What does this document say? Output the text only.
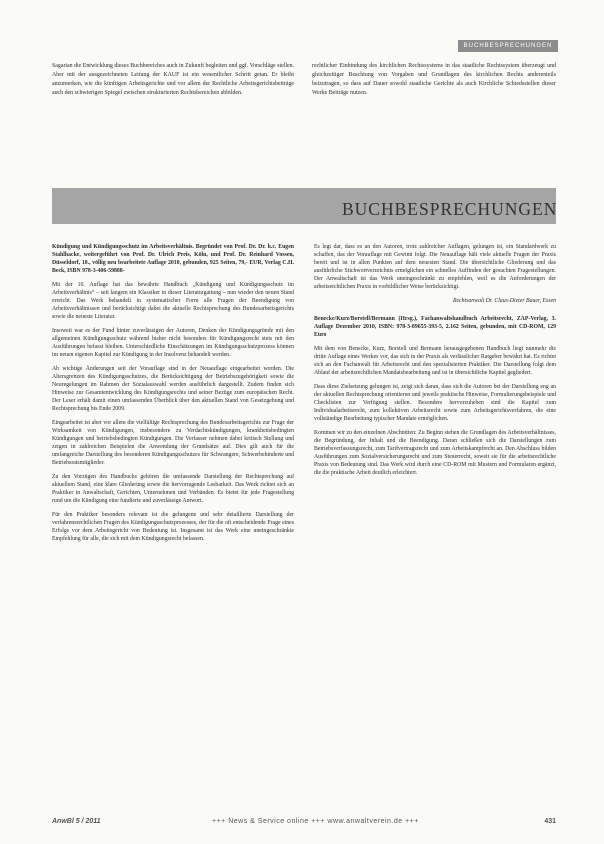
BUCHBESPRECHUNGEN
Sagarian die Entwicklung dieses Buchbereiches auch in Zukunft begleiten und ggf. Vorschläge stellen. Aber mit der ausgezeichneten Leitung der KAUF ist ein wesentlicher Schritt getan. Er bleibt anzumerken, wie die künftigen Arbeitsgerichte und vor allem der Rechtliche Arbeitsgerichtsbeiträge auch den schwierigen Spiegel zwischen strukturierten Rechtsbereichen abbilden.
rechtlicher Einbindung des kirchlichen Rechtssystems in das staatliche Rechtssystem überzeugt und gleichzeitiger Beachtung von Vorgaben und Grundlagen des kirchlichen Rechts anderenteils beizutragen, so dass auf Dauer sowohl staatliche Gerichte als auch Kirchliche Schiedsstellen dieser Werke Beiträge nutzen.
BUCHBESPRECHUNGEN

Kündigung und Kündigungsschutz im Arbeitsverhältnis. Begründet von Prof. Dr. Dr. h.c. Eugen Stahlhacke, weitergeführt von Prof. Dr. Ulrich Preis, Köln, und Prof. Dr. Reinhard Vossen, Düsseldorf, 10., völlig neu bearbeitete Auflage 2010, gebunden, 925 Seiten, 79,- EUR, Verlag C.H. Beck, ISBN 978-3-406-59888-

Mit der 10. Auflage hat das bewährte Handbuch „Kündigung und Kündigungsschutz im Arbeitsverhältnis“ – seit langem ein Klassiker in dieser Literaturgattung – nun wieder den neuen Stand erreicht. Das Werk behandelt in systematischer Form alle Fragen der Beendigung von Arbeitsverhältnissen und berücksichtigt dabei die aktuelle Rechtsprechung des Bundesarbeitsgerichts sowie die neueste Literatur.

Insoweit war es der Fund hinter zuverlässigen der Autoren, Denken der Kündigungsgründe mit den allgemeinen Kündigungsschutz während bisher nicht besonders für Kündigungsrecht stets mit den Ausführungen befasst bleiben. Unterschiedliche Einschätzungen im Kündigungsschutzprozess können im neuen eigenen Kapitel zur Kündigung in der Insolvenz behandelt werden.

Ab wichtige Änderungen seit der Vorauflage sind in der Neuauflage eingearbeitet worden. Die Altersgrenzen des Kündigungsschutzes, die Berücksichtigung der Betriebszugehörigkeit sowie die Neuregelungen im Rahmen der Sozialauswahl werden ausführlich dargestellt. Zudem finden sich Hinweise zur Gesamtentwicklung des Kündigungsrechts und seiner Bezüge zum europäischen Recht. Der Leser erhält damit einen umfassenden Überblick über den aktuellen Stand von Gesetzgebung und Rechtsprechung bis Ende 2009.

Eingearbeitet ist aber vor allem die vielfältige Rechtsprechung des Bundesarbeitsgerichts zur Frage der Wirksamkeit von Kündigungen, insbesondere zu Verdachtskündigungen, krankheitsbedingten Kündigungen und betriebsbedingten Kündigungen. Die Verfasser nehmen dabei kritisch Stellung und zeigen in zahlreichen Beispielen die Anwendung der Grundsätze auf. Dies gilt auch für die umfangreiche Darstellung des besonderen Kündigungsschutzes für Schwangere, Schwerbehinderte und Betriebsratsmitglieder.

Zu den Vorzügen des Handbuchs gehören die umfassende Darstellung der Rechtsprechung auf aktuellem Stand, eine klare Gliederung sowie die hervorragende Lesbarkeit. Das Werk richtet sich an Praktiker in Anwaltschaft, Gerichten, Unternehmen und Verbänden. Es bietet für jede Fragestellung rund um die Kündigung eine fundierte und zuverlässige Antwort.

Für den Praktiker besonders relevant ist die gelungene und sehr detaillierte Darstellung der verfahrensrechtlichen Fragen des Kündigungsschutzprozesses, der für die oft entscheidende Frage eines Erfolgs vor dem Arbeitsgericht von Bedeutung ist. Insgesamt ist das Werk eine uneingeschränkte Empfehlung für alle, die sich mit dem Kündigungsrecht befassen.

Es legt dar, dass es an den Autoren, trotz zahlreicher Auflagen, gelungen ist, ein Standardwerk zu schaffen, das der Vorauflage mit Gewinn folgt. Die Neuauflage hält viele aktuelle Fragen der Praxis bereit und ist in allen Punkten auf dem neuesten Stand. Die übersichtliche Gliederung und das ausführliche Stichwortverzeichnis ermöglichen ein schnelles Auffinden der gesuchten Fragestellungen. Der Anwaltschaft ist das Werk uneingeschränkt zu empfehlen, weil es die Anforderungen der arbeitsrechtlichen Praxis in vorbildlicher Weise berücksichtigt.

Rechtsanwalt Dr. Claus-Dieter Bauer, Essen

Benecke/Kurz/Borstell/Bermann (Hrsg.), Fachanwaltshandbuch Arbeitsrecht, ZAP-Verlag, 3. Auflage Dezember 2010, ISBN: 978-3-89655-393-5, 2.162 Seiten, gebunden, mit CD-ROM, 129 Euro

Mit dem von Benecke, Kurz, Borstell und Bermann herausgegebenen Handbuch liegt nunmehr die dritte Auflage eines Werkes vor, das sich in der Praxis als verlässlicher Ratgeber bewährt hat. Es richtet sich an den Fachanwalt für Arbeitsrecht und den spezialisierten Praktiker. Die Darstellung folgt dem Ablauf der arbeitsrechtlichen Mandatsbearbeitung und ist in übersichtliche Kapitel gegliedert.

Dass diese Zielsetzung gelungen ist, zeigt sich daran, dass sich die Autoren bei der Darstellung eng an der aktuellen Rechtsprechung orientieren und jeweils praktische Hinweise, Formulierungsbeispiele und Checklisten zur Verfügung stellen. Besonders hervorzuheben sind die Kapitel zum Individualarbeitsrecht, zum kollektiven Arbeitsrecht sowie zum Arbeitsgerichtsverfahren, die eine vollständige Bearbeitung typischer Mandate ermöglichen.

Kommen wir zu den einzelnen Abschnitten: Zu Beginn stehen die Grundlagen des Arbeitsverhältnisses, die Begründung, der Inhalt und die Beendigung. Daran schließen sich die Darstellungen zum Betriebsverfassungsrecht, zum Tarifvertragsrecht und zum Arbeitskampfrecht an. Den Abschluss bilden Ausführungen zum Sozialversicherungsrecht und zum Steuerrecht, soweit sie für die arbeitsrechtliche Praxis von Bedeutung sind. Das Werk wird durch eine CD-ROM mit Mustern und Formularen ergänzt, die die praktische Arbeit deutlich erleichtert.

AnwBl 5 / 2011	+++ News & Service online +++ www.anwaltverein.de +++	431
